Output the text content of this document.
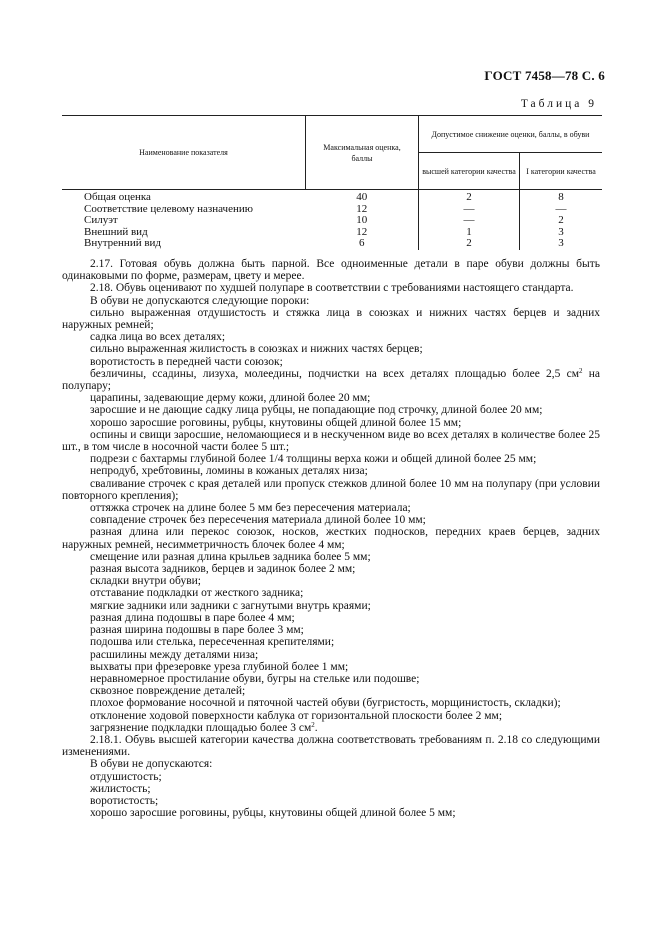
ГОСТ 7458—78 С. 6
Таблица 9
Наименование показателя	Максимальная оценка, баллы	Допустимое снижение оценки, баллы, в обуви	
		высшей категории качества	I категории качества
Общая оценка	40	2	8
Соответствие целевому назначению	12	—	—
Силуэт	10	—	2
Внешний вид	12	1	3
Внутренний вид	6	2	3

2.17. Готовая обувь должна быть парной. Все одноименные детали в паре обуви должны быть одинаковыми по форме, размерам, цвету и мерее.

2.18. Обувь оценивают по худшей полупаре в соответствии с требованиями настоящего стандарта.

В обуви не допускаются следующие пороки:

сильно выраженная отдушистость и стяжка лица в союзках и нижних частях берцев и задних наружных ремней;

садка лица во всех деталях;

сильно выраженная жилистость в союзках и нижних частях берцев;

воротистость в передней части союзок;

безличины, ссадины, лизуха, молеедины, подчистки на всех деталях площадью более 2,5 $см^2$ на полупару;

царапины, задевающие дерму кожи, длиной более 20 мм;

заросшие и не дающие садку лица рубцы, не попадающие под строчку, длиной более 20 мм;

хорошо заросшие роговины, рубцы, кнутовины общей длиной более 15 мм;

оспины и свищи заросшие, неломающиеся и в нескученном виде во всех деталях в количестве более 25 шт., в том числе в носочной части более 5 шт.;

подрези с бахтармы глубиной более 1/4 толщины верха кожи и общей длиной более 25 мм;

непродуб, хребтовины, ломины в кожаных деталях низа;

сваливание строчек с края деталей или пропуск стежков длиной более 10 мм на полупару (при условии повторного крепления);

оттяжка строчек на длине более 5 мм без пересечения материала;

совпадение строчек без пересечения материала длиной более 10 мм;

разная длина или перекос союзок, носков, жестких подносков, передних краев берцев, задних наружных ремней, несимметричность блочек более 4 мм;

смещение или разная длина крыльев задника более 5 мм;

разная высота задников, берцев и задинок более 2 мм;

складки внутри обуви;

отставание подкладки от жесткого задника;

мягкие задники или задники с загнутыми внутрь краями;

разная длина подошвы в паре более 4 мм;

разная ширина подошвы в паре более 3 мм;

подошва или стелька, пересеченная крепителями;

расшилины между деталями низа;

выхваты при фрезеровке уреза глубиной более 1 мм;

неравномерное простилание обуви, бугры на стельке или подошве;

сквозное повреждение деталей;

плохое формование носочной и пяточной частей обуви (бугристость, морщинистость, складки);

отклонение ходовой поверхности каблука от горизонтальной плоскости более 2 мм;

загрязнение подкладки площадью более 3 $см^2$.

2.18.1. Обувь высшей категории качества должна соответствовать требованиям п. 2.18 со следующими изменениями.

В обуви не допускаются:

отдушистость;

жилистость;

воротистость;

хорошо заросшие роговины, рубцы, кнутовины общей длиной более 5 мм;
